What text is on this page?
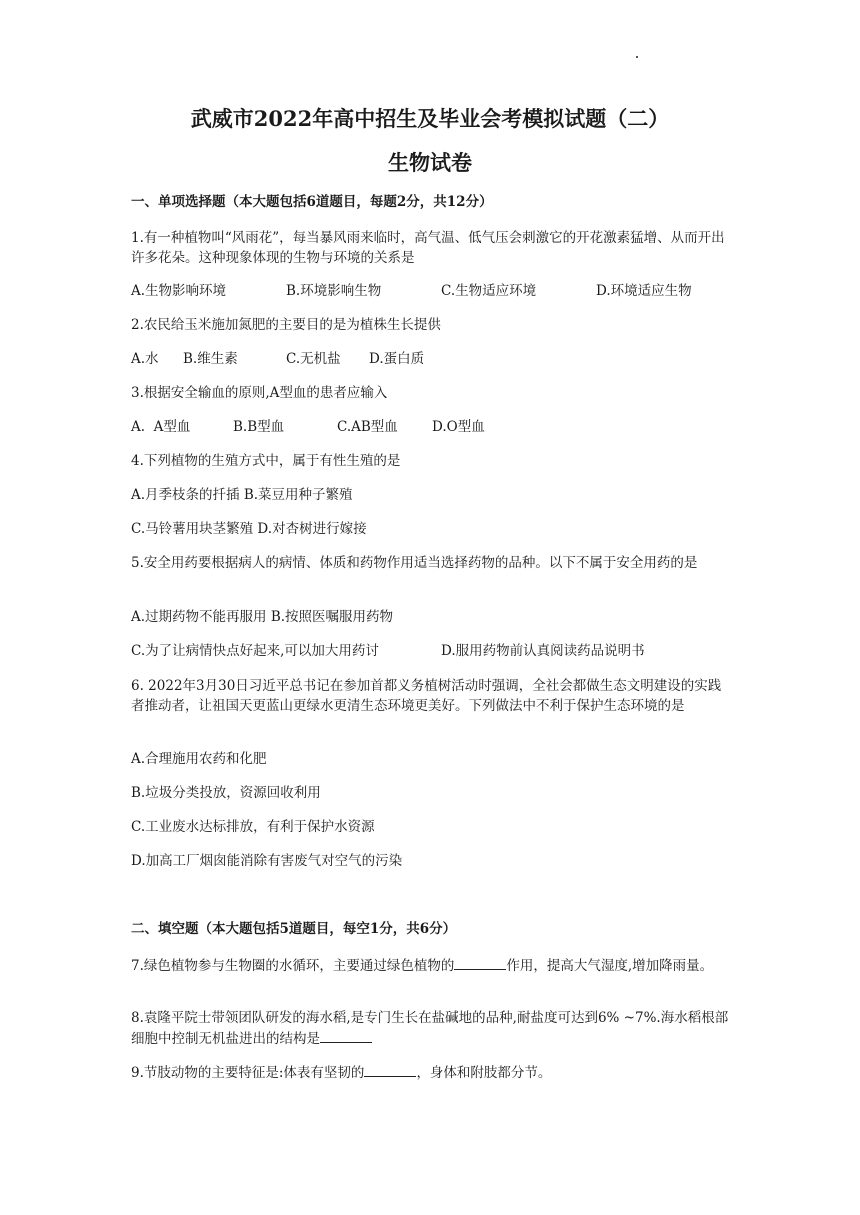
武威市2022年高中招生及毕业会考模拟试题（二）
生物试卷
一、单项选择题（本大题包括6道题目，每题2分，共12分）
1.有一种植物叫“风雨花”，每当暴风雨来临时，高气温、低气压会刺激它的开花激素猛增、从而开出许多花朵。这种现象体现的生物与环境的关系是
A.生物影响环境	B.环境影响生物	C.生物适应环境	D.环境适应生物
2.农民给玉米施加氮肥的主要目的是为植株生长提供
A.水 B.维生素	C.无机盐 D.蛋白质
3.根据安全输血的原则,A型血的患者应输入
A.  A型血	B.B型血	C.AB型血	D.O型血
4.下列植物的生殖方式中，属于有性生殖的是
A.月季枝条的扦插 B.菜豆用种子繁殖
C.马铃薯用块茎繁殖 D.对杏树进行嫁接
5.安全用药要根据病人的病情、体质和药物作用适当选择药物的品种。以下不属于安全用药的是
A.过期药物不能再服用 B.按照医嘱服用药物
C.为了让病情快点好起来,可以加大用药讨	D.服用药物前认真阅读药品说明书
6. 2022年3月30日习近平总书记在参加首都义务植树活动时强调，全社会都做生态文明建设的实践者推动者，让祖国天更蓝山更绿水更清生态环境更美好。下列做法中不利于保护生态环境的是
A.合理施用农药和化肥
B.垃圾分类投放，资源回收利用
C.工业废水达标排放，有利于保护水资源
D.加高工厂烟囱能消除有害废气对空气的污染
二、填空题（本大题包括5道题目，每空1分，共6分）
7.绿色植物参与生物圈的水循环，主要通过绿色植物的	作用，提高大气湿度,增加降雨量。
8.袁隆平院士带领团队研发的海水稻,是专门生长在盐碱地的品种,耐盐度可达到6% ~7%.海水稻根部细胞中控制无机盐进出的结构是
9.节肢动物的主要特征是:体表有坚韧的	，身体和附肢都分节。
